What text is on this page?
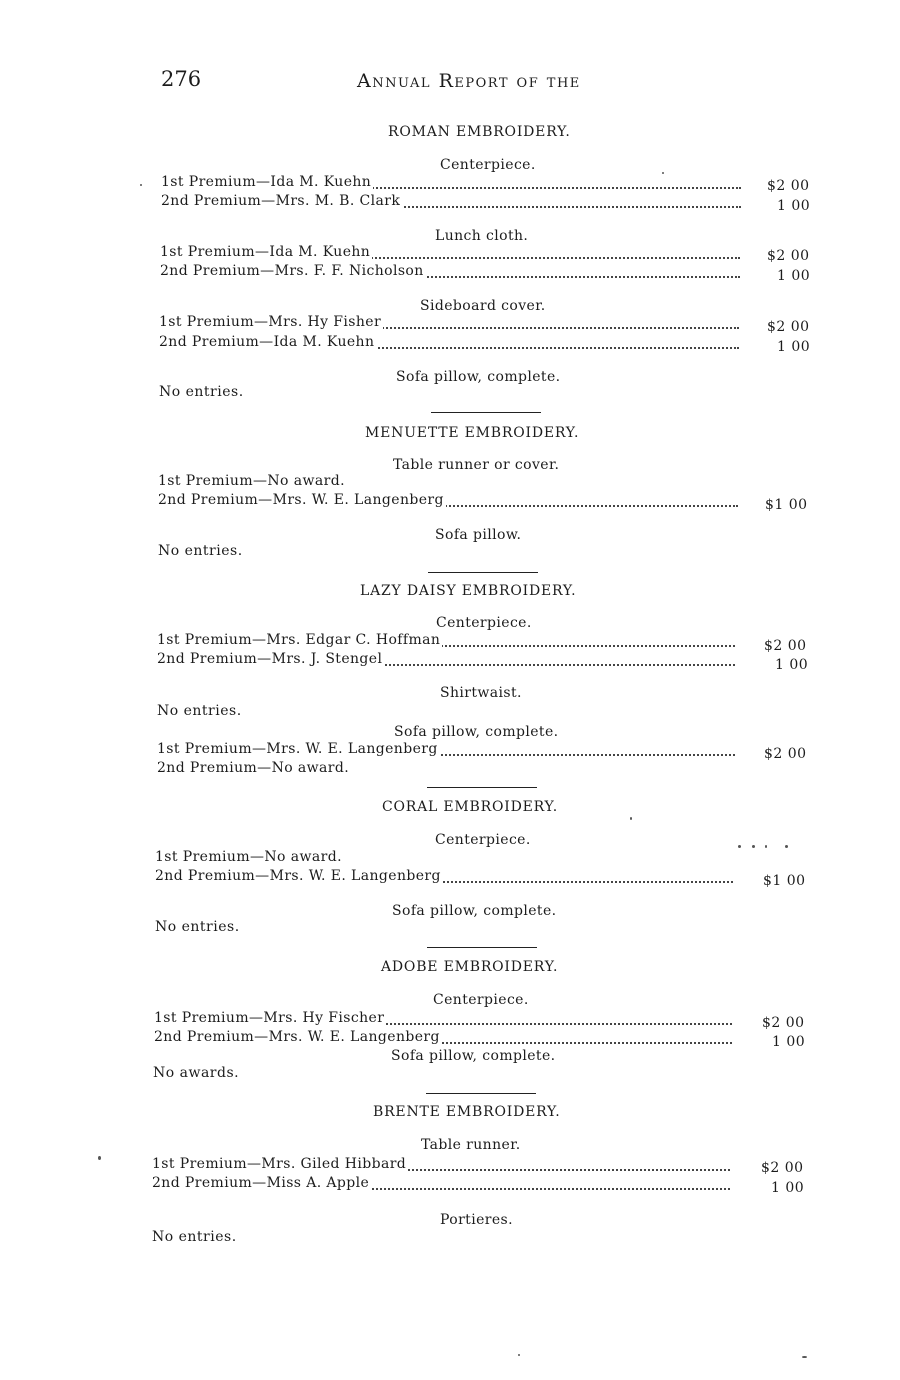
276	Annual Report of the
ROMAN EMBROIDERY.
Centerpiece.
1st Premium—Ida M. Kuehn	$2 00
2nd Premium—Mrs. M. B. Clark	1 00
Lunch cloth.
1st Premium—Ida M. Kuehn	$2 00
2nd Premium—Mrs. F. F. Nicholson	1 00
Sideboard cover.
1st Premium—Mrs. Hy Fisher	$2 00
2nd Premium—Ida M. Kuehn	1 00
Sofa pillow, complete.
No entries.
MENUETTE EMBROIDERY.
Table runner or cover.
1st Premium—No award.
2nd Premium—Mrs. W. E. Langenberg	$1 00
Sofa pillow.
No entries.
LAZY DAISY EMBROIDERY.
Centerpiece.
1st Premium—Mrs. Edgar C. Hoffman	$2 00
2nd Premium—Mrs. J. Stengel	1 00
Shirtwaist.
No entries.
Sofa pillow, complete.
1st Premium—Mrs. W. E. Langenberg	$2 00
2nd Premium—No award.
CORAL EMBROIDERY.
Centerpiece.
1st Premium—No award.
2nd Premium—Mrs. W. E. Langenberg	$1 00
Sofa pillow, complete.
No entries.
ADOBE EMBROIDERY.
Centerpiece.
1st Premium—Mrs. Hy Fischer	$2 00
2nd Premium—Mrs. W. E. Langenberg	1 00
Sofa pillow, complete.
No awards.
BRENTE EMBROIDERY.
Table runner.
1st Premium—Mrs. Giled Hibbard	$2 00
2nd Premium—Miss A. Apple	1 00
Portieres.
No entries.
